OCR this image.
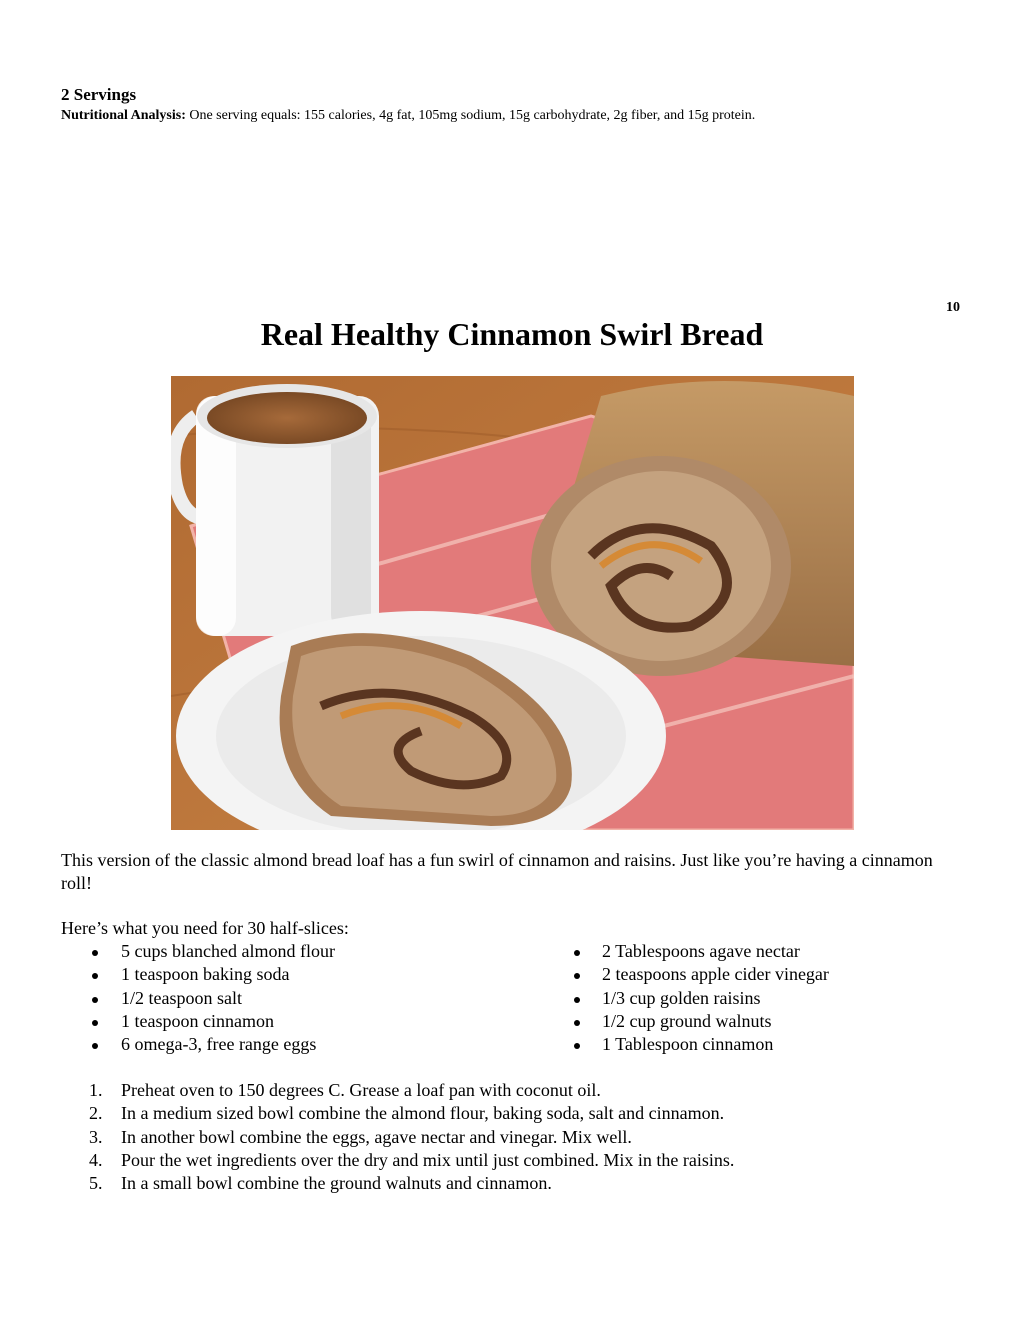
2 Servings
Nutritional Analysis: One serving equals: 155 calories, 4g fat, 105mg sodium, 15g carbohydrate, 2g fiber, and 15g protein.
10
Real Healthy Cinnamon Swirl Bread
This version of the classic almond bread loaf has a fun swirl of cinnamon and raisins. Just like you’re having a cinnamon roll!
Here’s what you need for 30 half-slices:
5 cups blanched almond flour
1 teaspoon baking soda
1/2 teaspoon salt
1 teaspoon cinnamon
6 omega-3, free range eggs
2 Tablespoons agave nectar
2 teaspoons apple cider vinegar
1/3 cup golden raisins
1/2 cup ground walnuts
1 Tablespoon cinnamon
1. Preheat oven to 150 degrees C. Grease a loaf pan with coconut oil.
2. In a medium sized bowl combine the almond flour, baking soda, salt and cinnamon.
3. In another bowl combine the eggs, agave nectar and vinegar. Mix well.
4. Pour the wet ingredients over the dry and mix until just combined. Mix in the raisins.
5. In a small bowl combine the ground walnuts and cinnamon.
